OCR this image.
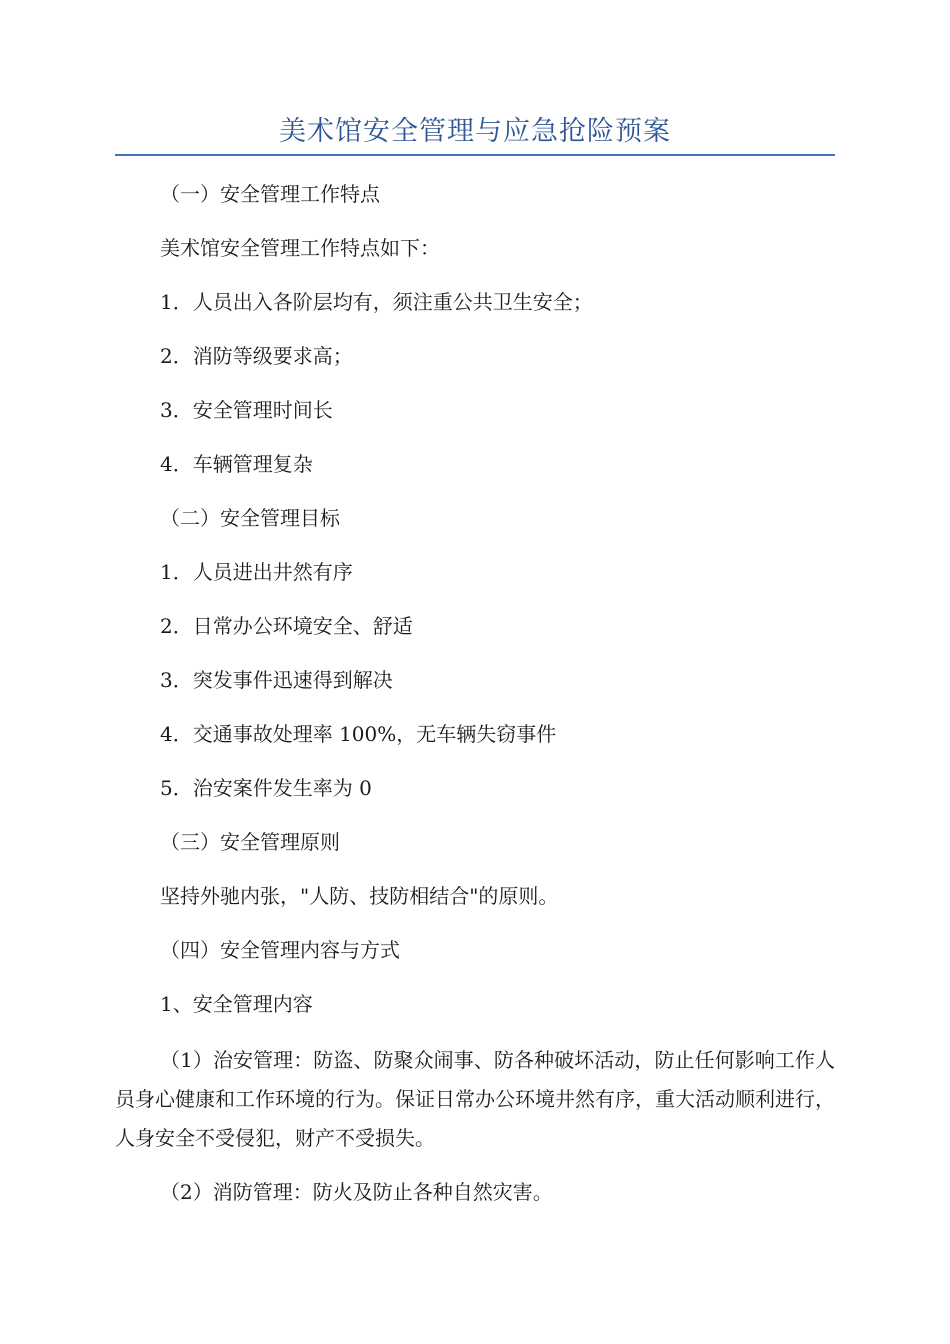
美术馆安全管理与应急抢险预案
（一）安全管理工作特点
美术馆安全管理工作特点如下：
1．人员出入各阶层均有，须注重公共卫生安全；
2．消防等级要求高；
3．安全管理时间长
4．车辆管理复杂
（二）安全管理目标
1．人员进出井然有序
2．日常办公环境安全、舒适
3．突发事件迅速得到解决
4．交通事故处理率 100%，无车辆失窃事件
5．治安案件发生率为 0
（三）安全管理原则
坚持外驰内张，"人防、技防相结合"的原则。
（四）安全管理内容与方式
1、安全管理内容
（1）治安管理：防盗、防聚众闹事、防各种破坏活动，防止任何影响工作人员身心健康和工作环境的行为。保证日常办公环境井然有序，重大活动顺利进行，人身安全不受侵犯，财产不受损失。
（2）消防管理：防火及防止各种自然灾害。
